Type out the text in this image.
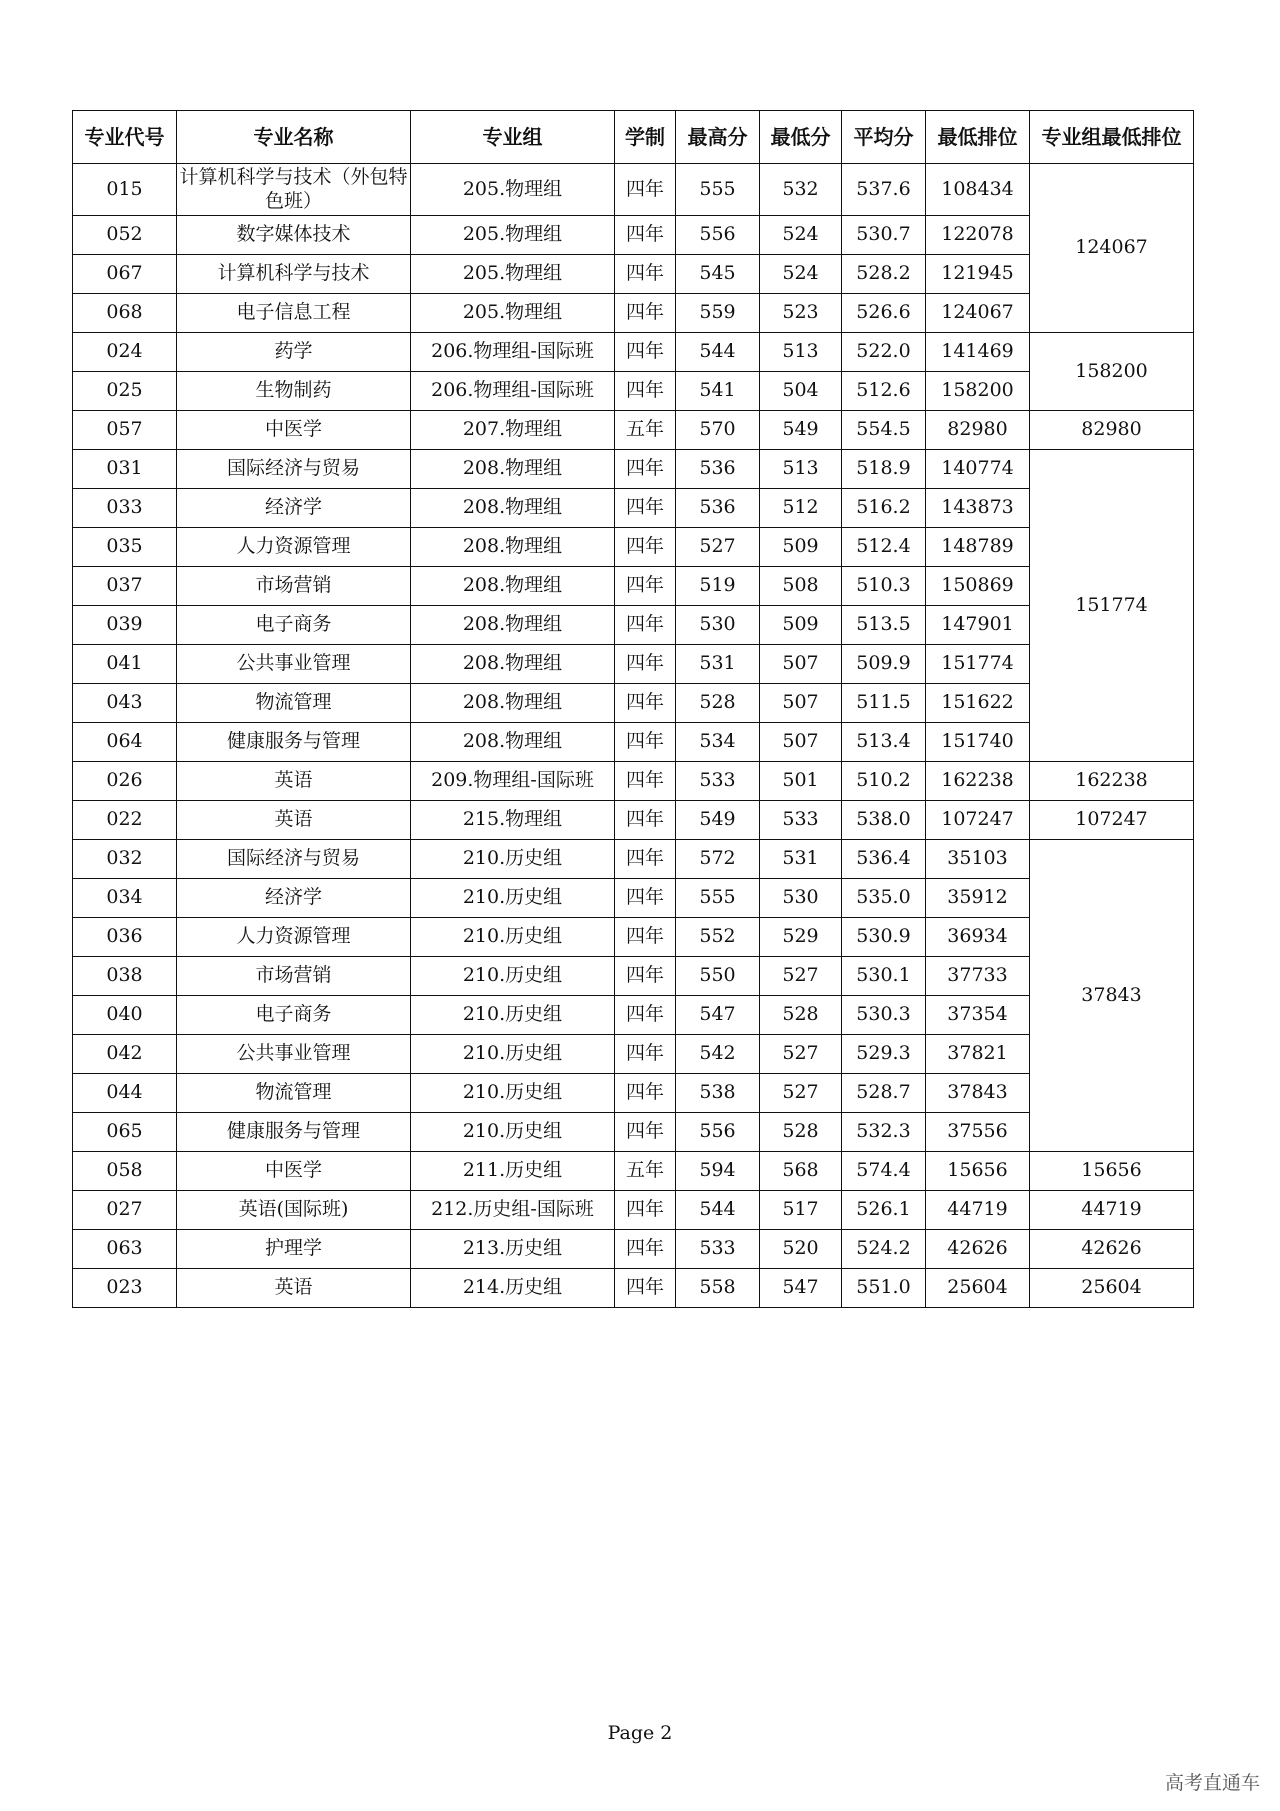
专业代号	专业名称	专业组	学制	最高分	最低分	平均分	最低排位	专业组最低排位
015	计算机科学与技术（外包特色班）	205.物理组	四年	555	532	537.6	108434	124067
052	数字媒体技术	205.物理组	四年	556	524	530.7	122078	
067	计算机科学与技术	205.物理组	四年	545	524	528.2	121945	
068	电子信息工程	205.物理组	四年	559	523	526.6	124067	
024	药学	206.物理组-国际班	四年	544	513	522.0	141469	158200
025	生物制药	206.物理组-国际班	四年	541	504	512.6	158200	
057	中医学	207.物理组	五年	570	549	554.5	82980	82980
031	国际经济与贸易	208.物理组	四年	536	513	518.9	140774	151774
033	经济学	208.物理组	四年	536	512	516.2	143873	
035	人力资源管理	208.物理组	四年	527	509	512.4	148789	
037	市场营销	208.物理组	四年	519	508	510.3	150869	
039	电子商务	208.物理组	四年	530	509	513.5	147901	
041	公共事业管理	208.物理组	四年	531	507	509.9	151774	
043	物流管理	208.物理组	四年	528	507	511.5	151622	
064	健康服务与管理	208.物理组	四年	534	507	513.4	151740	
026	英语	209.物理组-国际班	四年	533	501	510.2	162238	162238
022	英语	215.物理组	四年	549	533	538.0	107247	107247
032	国际经济与贸易	210.历史组	四年	572	531	536.4	35103	37843
034	经济学	210.历史组	四年	555	530	535.0	35912	
036	人力资源管理	210.历史组	四年	552	529	530.9	36934	
038	市场营销	210.历史组	四年	550	527	530.1	37733	
040	电子商务	210.历史组	四年	547	528	530.3	37354	
042	公共事业管理	210.历史组	四年	542	527	529.3	37821	
044	物流管理	210.历史组	四年	538	527	528.7	37843	
065	健康服务与管理	210.历史组	四年	556	528	532.3	37556	
058	中医学	211.历史组	五年	594	568	574.4	15656	15656
027	英语(国际班)	212.历史组-国际班	四年	544	517	526.1	44719	44719
063	护理学	213.历史组	四年	533	520	524.2	42626	42626
023	英语	214.历史组	四年	558	547	551.0	25604	25604
Page 2
高考直通车
